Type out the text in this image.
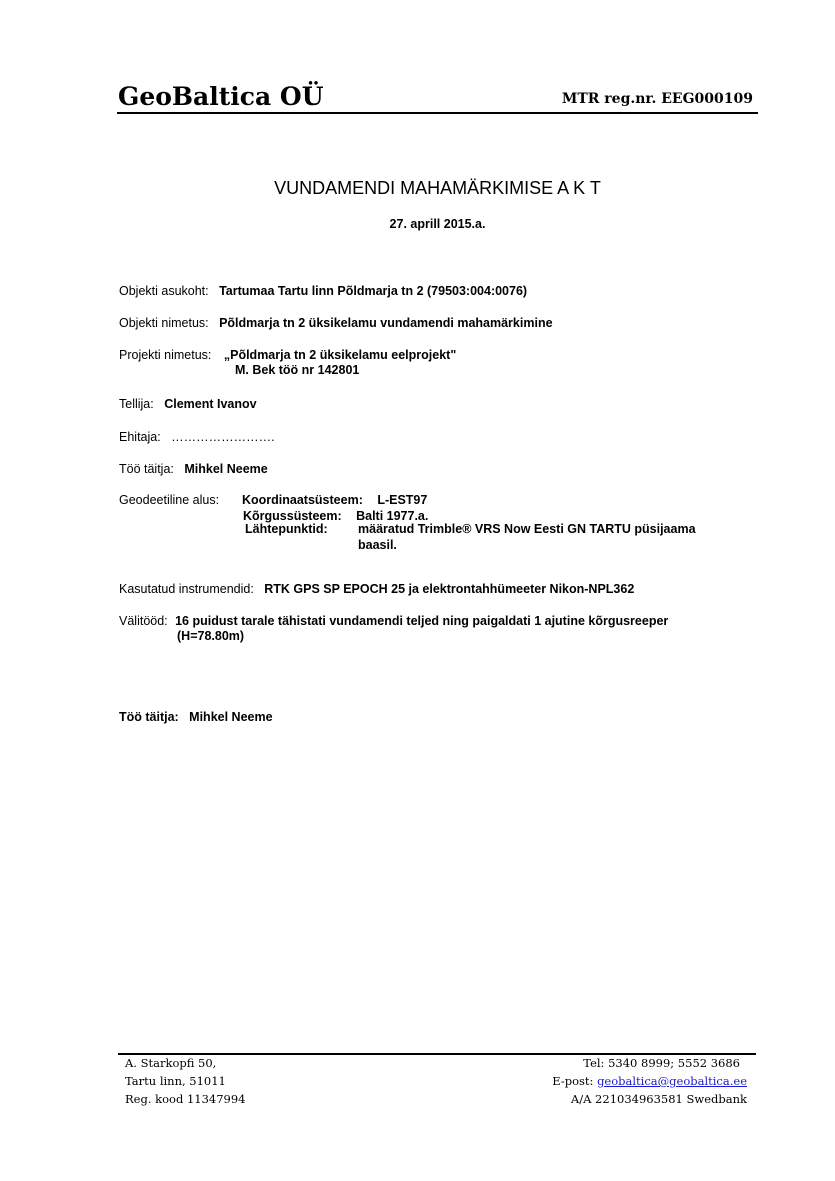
GeoBaltica OÜ	MTR reg.nr. EEG000109
VUNDAMENDI MAHAMÄRKIMISE A K T
27. aprill 2015.a.
Objekti asukoht: Tartumaa Tartu linn Põldmarja tn 2 (79503:004:0076)
Objekti nimetus: Põldmarja tn 2 üksikelamu vundamendi mahamärkimine
Projekti nimetus: „Põldmarja tn 2 üksikelamu eelprojekt"
M. Bek töö nr 142801
Tellija: Clement Ivanov
Ehitaja: …………………….
Töö täitja: Mihkel Neeme
Geodeetiline alus: Koordinaatsüsteem: L-EST97
Kõrgussüsteem: Balti 1977.a.
Lähtepunktid: määratud Trimble® VRS Now Eesti GN TARTU püsijaama
baasil.
Kasutatud instrumendid: RTK GPS SP EPOCH 25 ja elektrontahhümeeter Nikon-NPL362
Välitööd: 16 puidust tarale tähistati vundamendi teljed ning paigaldati 1 ajutine kõrgusreeper
(H=78.80m)
Töö täitja: Mihkel Neeme
A. Starkopfi 50,
Tartu linn, 51011
Reg. kood 11347994
Tel: 5340 8999; 5552 3686
E-post: geobaltica@geobaltica.ee
A/A 221034963581 Swedbank
